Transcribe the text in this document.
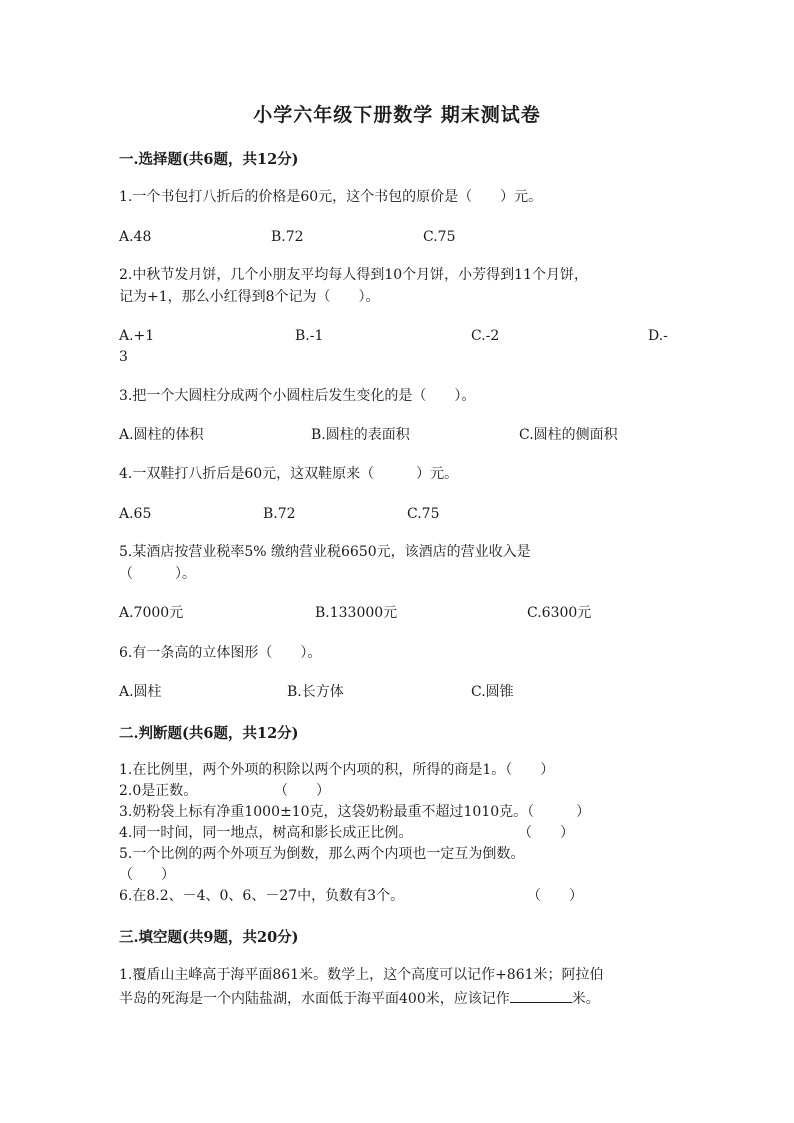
小学六年级下册数学 期末测试卷
一.选择题(共6题，共12分)
1.一个书包打八折后的价格是60元，这个书包的原价是（　　）元。
A.48	B.72	C.75
2.中秋节发月饼，几个小朋友平均每人得到10个月饼，小芳得到11个月饼，
记为+1，那么小红得到8个记为（　　）。
A.+1	B.-1	C.-2	D.-
3
3.把一个大圆柱分成两个小圆柱后发生变化的是（　　）。
A.圆柱的体积	B.圆柱的表面积	C.圆柱的侧面积
4.一双鞋打八折后是60元，这双鞋原来（　　　）元。
A.65	B.72	C.75
5.某酒店按营业税率5% 缴纳营业税6650元，该酒店的营业收入是
（　　　）。
A.7000元	B.133000元	C.6300元
6.有一条高的立体图形（　　）。
A.圆柱	B.长方体	C.圆锥
二.判断题(共6题，共12分)
1.在比例里，两个外项的积除以两个内项的积，所得的商是1。（　　）
2.0是正数。	（　　）
3.奶粉袋上标有净重1000±10克，这袋奶粉最重不超过1010克。（　　　）
4.同一时间，同一地点，树高和影长成正比例。	（　　）
5.一个比例的两个外项互为倒数，那么两个内项也一定互为倒数。
（　　）
6.在8.2、－4、0、6、－27中，负数有3个。	（　　）
三.填空题(共9题，共20分)
1.覆盾山主峰高于海平面861米。数学上，这个高度可以记作+861米；阿拉伯
半岛的死海是一个内陆盐湖，水面低于海平面400米，应该记作	米。
